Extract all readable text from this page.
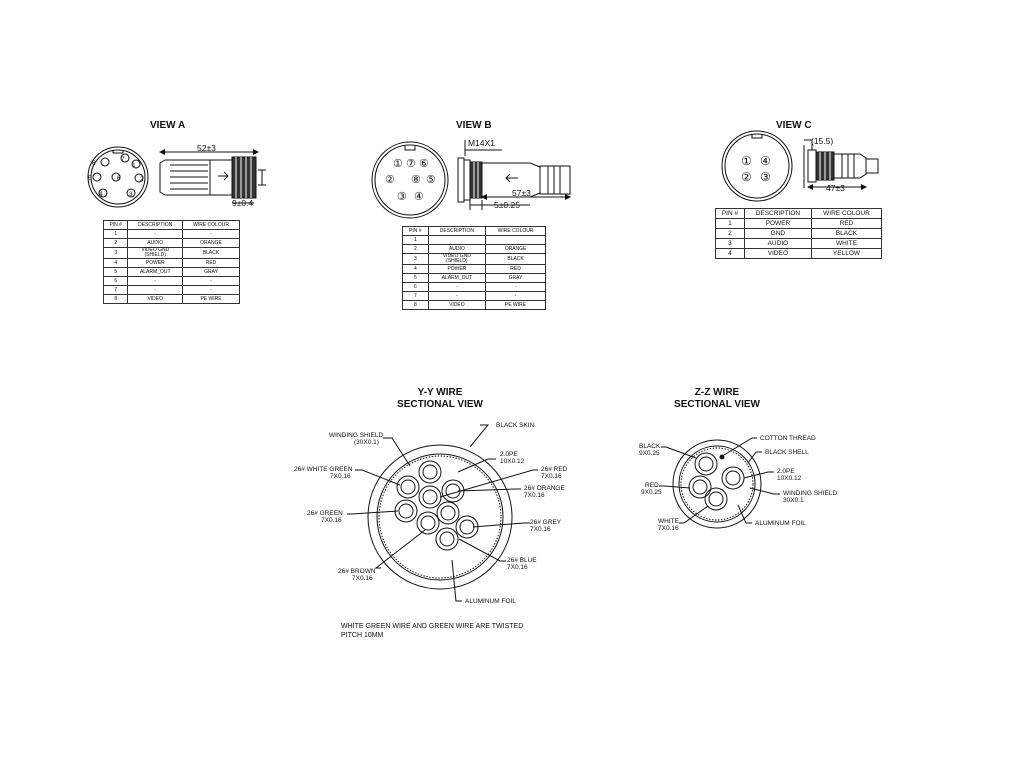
VIEW A	VIEW B	VIEW C
Y-Y WIRE
SECTIONAL VIEW
Z-Z WIRE
SECTIONAL VIEW
PIN #	DESCRIPTION	WIRE COLOUR
1	-	-
2	AUDIO	ORANGE
3	VIDEO GND
(SHIELD)	BLACK
4	POWER	RED
5	ALARM_OUT	GRAY
6	-	-
7	-	-
8	VIDEO	PE WIRE
PIN #	DESCRIPTION	WIRE COLOUR
1		
2	AUDIO	ORANGE
3	VIDEO GND
(SHIELD)	BLACK
4	POWER	RED
5	ALARM_OUT	GRAY
6	-	-
7	-	-
8	VIDEO	PE WIRE
PIN #	DESCRIPTION	WIRE COLOUR
1	POWER	RED
2	GND	BLACK
3	AUDIO	WHITE
4	VIDEO	YELLOW
6
7
1
5	6	2
4	3
52±3
9±0.4
① ⑦ ⑥
② ⑧ ⑤
③ ④
M14X1
57±3
5±0.25
① ④
② ③
(15.5)
47±3
WINDING SHIELD
(30X0.1)
BLACK SKIN
2.0PE
10X0.12
26# RED
7X0.16
26# WHITE GREEN
7X0.16
26# ORANGE
7X0.16
26# GREEN
7X0.16	26# GREY
7X0.16
26# BLUE
7X0.16
26# BROWN
7X0.16
ALUMINUM FOIL
BLACK
9X0.25
COTTON THREAD
BLACK SHELL
2.0PE
10X0.12
RED
9X0.25	WINDING SHIELD
30X0.1
WHITE
7X0.16
ALUMINUM FOIL
WHITE GREEN WIRE AND GREEN WIRE ARE TWISTED
PITCH 10MM
